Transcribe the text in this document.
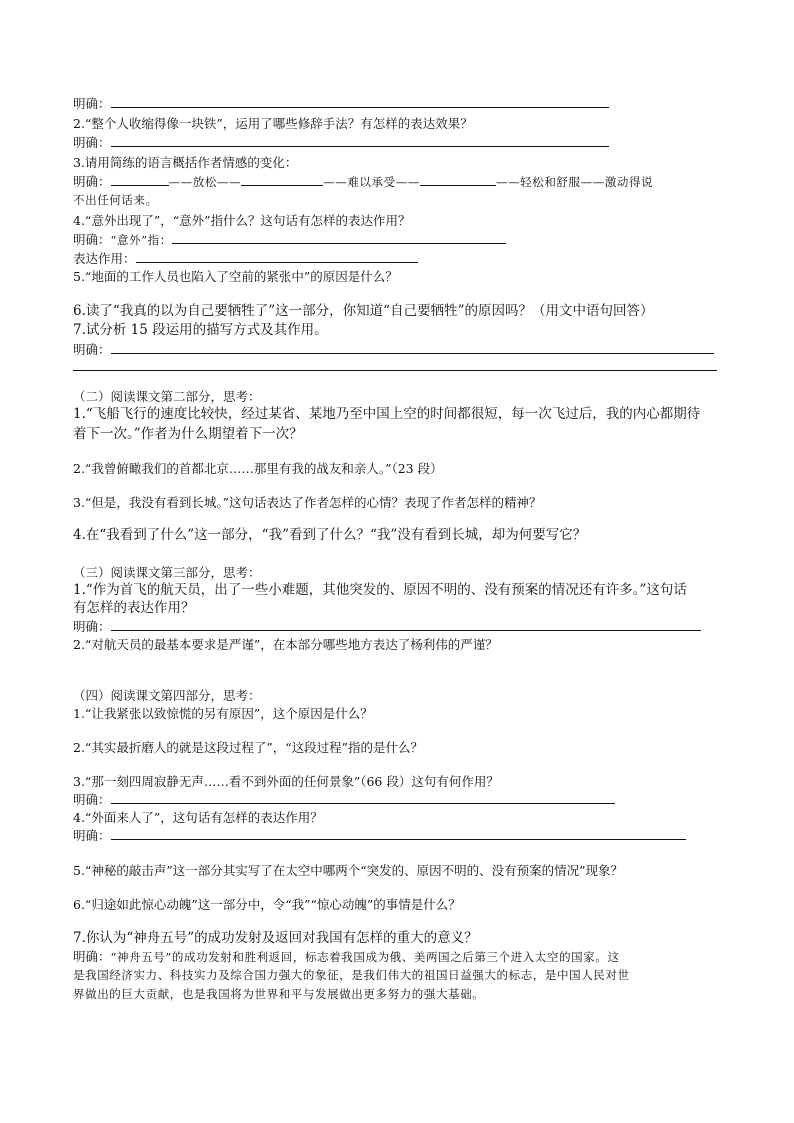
明确：
2.“整个人收缩得像一块铁”，运用了哪些修辞手法？有怎样的表达效果？
明确：
3.请用简练的语言概括作者情感的变化：
明确：	——放松——	——难以承受——	——轻松和舒服——激动得说
不出任何话来。
4.“意外出现了”，“意外”指什么？这句话有怎样的表达作用？
明确：“意外”指：
表达作用：
5.“地面的工作人员也陷入了空前的紧张中”的原因是什么？
6.读了“我真的以为自己要牺牲了”这一部分，你知道“自己要牺牲”的原因吗？（用文中语句回答）
7.试分析 15 段运用的描写方式及其作用。
明确：
（二）阅读课文第二部分，思考：
1.“飞船飞行的速度比较快，经过某省、某地乃至中国上空的时间都很短，每一次飞过后，我的内心都期待
着下一次。”作者为什么期望着下一次？
2.“我曾俯瞰我们的首都北京……那里有我的战友和亲人。”（23 段）
3.“但是，我没有看到长城。”这句话表达了作者怎样的心情？表现了作者怎样的精神？
4.在“我看到了什么”这一部分，“我”看到了什么？“我”没有看到长城，却为何要写它？
（三）阅读课文第三部分，思考：
1.“作为首飞的航天员，出了一些小难题，其他突发的、原因不明的、没有预案的情况还有许多。”这句话
有怎样的表达作用？
明确：
2.“对航天员的最基本要求是严谨”，在本部分哪些地方表达了杨利伟的严谨？
（四）阅读课文第四部分，思考：
1.“让我紧张以致惊慌的另有原因”，这个原因是什么？
2.“其实最折磨人的就是这段过程了”，“这段过程”指的是什么？
3.“那一刻四周寂静无声……看不到外面的任何景象”（66 段）这句有何作用？
明确：
4.“外面来人了”，这句话有怎样的表达作用？
明确：
5.“神秘的敲击声”这一部分其实写了在太空中哪两个“突发的、原因不明的、没有预案的情况”现象？
6.“归途如此惊心动魄”这一部分中，令“我”“惊心动魄”的事情是什么？
7.你认为“神舟五号”的成功发射及返回对我国有怎样的重大的意义？
明确：“神舟五号”的成功发射和胜利返回，标志着我国成为俄、美两国之后第三个进入太空的国家。这
是我国经济实力、科技实力及综合国力强大的象征，是我们伟大的祖国日益强大的标志，是中国人民对世
界做出的巨大贡献，也是我国将为世界和平与发展做出更多努力的强大基础。
